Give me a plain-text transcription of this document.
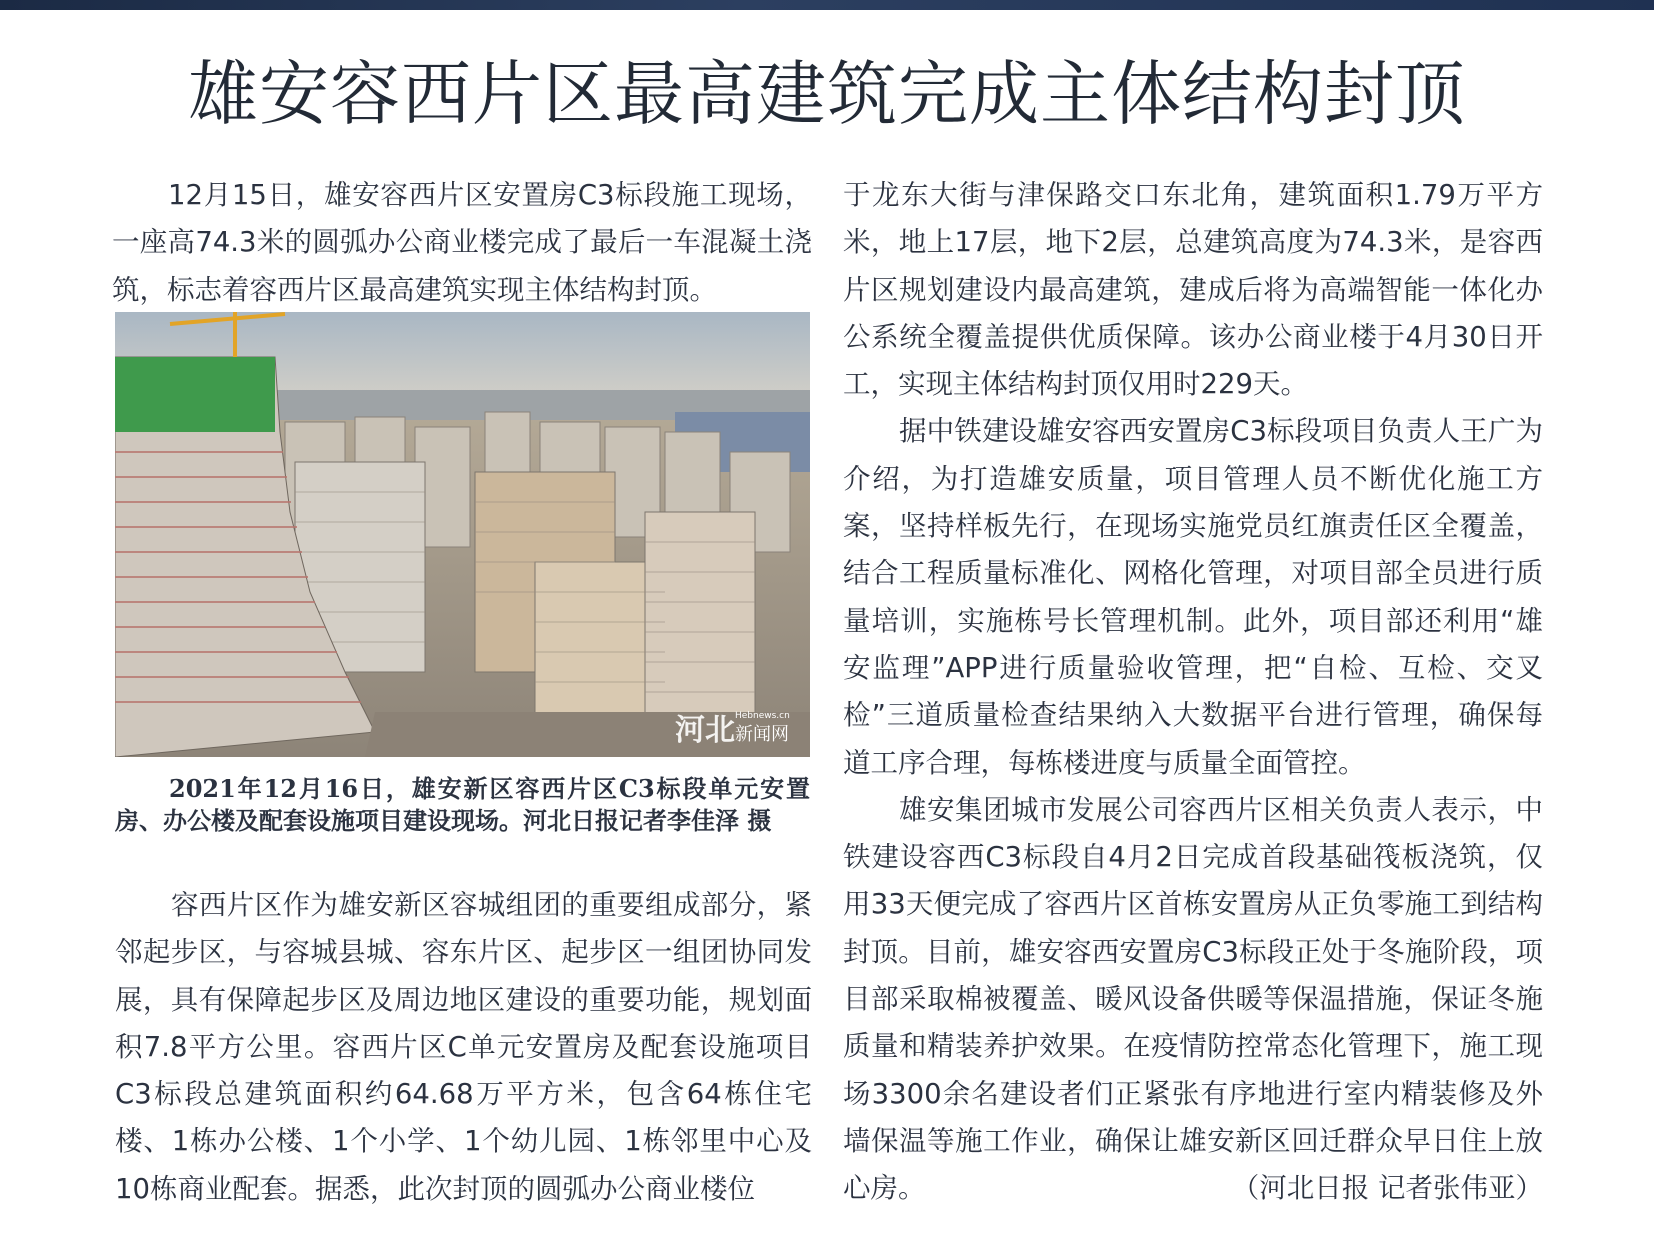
雄安容西片区最高建筑完成主体结构封顶

12月15日，雄安容西片区安置房C3标段施工现场，一座高74.3米的圆弧办公商业楼完成了最后一车混凝土浇筑，标志着容西片区最高建筑实现主体结构封顶。

河北 Hebnews.cn
新闻网

2021年12月16日，雄安新区容西片区C3标段单元安置房、办公楼及配套设施项目建设现场。河北日报记者李佳泽 摄

容西片区作为雄安新区容城组团的重要组成部分，紧邻起步区，与容城县城、容东片区、起步区一组团协同发展，具有保障起步区及周边地区建设的重要功能，规划面积7.8平方公里。容西片区C单元安置房及配套设施项目C3标段总建筑面积约64.68万平方米，包含64栋住宅楼、1栋办公楼、1个小学、1个幼儿园、1栋邻里中心及10栋商业配套。据悉，此次封顶的圆弧办公商业楼位

于龙东大街与津保路交口东北角，建筑面积1.79万平方米，地上17层，地下2层，总建筑高度为74.3米，是容西片区规划建设内最高建筑，建成后将为高端智能一体化办公系统全覆盖提供优质保障。该办公商业楼于4月30日开工，实现主体结构封顶仅用时229天。

据中铁建设雄安容西安置房C3标段项目负责人王广为介绍，为打造雄安质量，项目管理人员不断优化施工方案，坚持样板先行，在现场实施党员红旗责任区全覆盖，结合工程质量标准化、网格化管理，对项目部全员进行质量培训，实施栋号长管理机制。此外，项目部还利用“雄安监理”APP进行质量验收管理，把“自检、互检、交叉检”三道质量检查结果纳入大数据平台进行管理，确保每道工序合理，每栋楼进度与质量全面管控。

雄安集团城市发展公司容西片区相关负责人表示，中铁建设容西C3标段自4月2日完成首段基础筏板浇筑，仅用33天便完成了容西片区首栋安置房从正负零施工到结构封顶。目前，雄安容西安置房C3标段正处于冬施阶段，项目部采取棉被覆盖、暖风设备供暖等保温措施，保证冬施质量和精装养护效果。在疫情防控常态化管理下，施工现场3300余名建设者们正紧张有序地进行室内精装修及外墙保温等施工作业，确保让雄安新区回迁群众早日住上放心房。	（河北日报 记者张伟亚）
